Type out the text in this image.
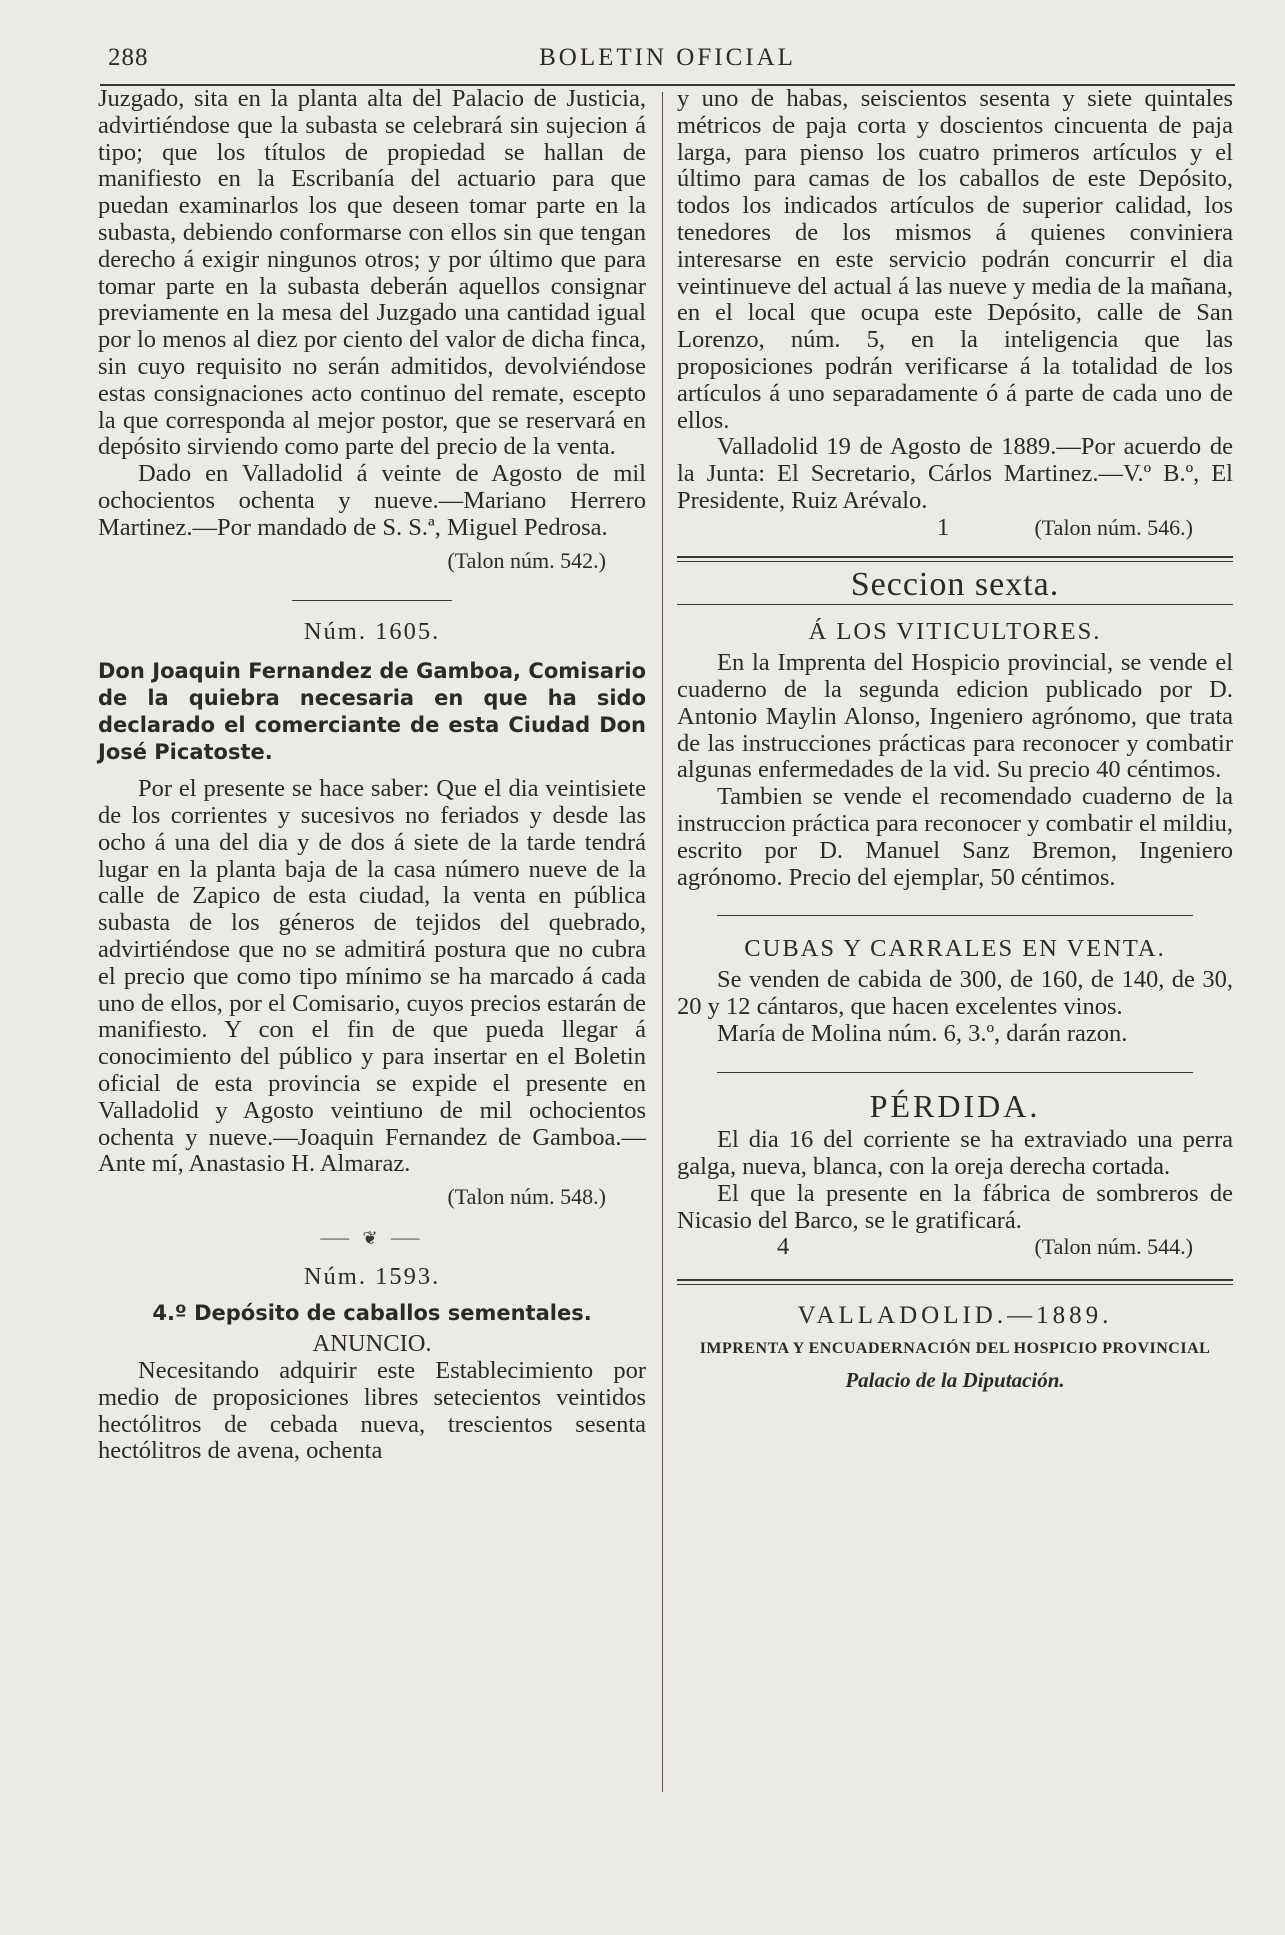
288	BOLETIN OFICIAL

Juzgado, sita en la planta alta del Palacio de Justicia, advirtiéndose que la subasta se celebrará sin sujecion á tipo; que los títulos de propiedad se hallan de manifiesto en la Escribanía del actuario para que puedan examinarlos los que deseen tomar parte en la subasta, debiendo conformarse con ellos sin que tengan derecho á exigir ningunos otros; y por último que para tomar parte en la subasta deberán aquellos consignar previamente en la mesa del Juzgado una cantidad igual por lo menos al diez por ciento del valor de dicha finca, sin cuyo requisito no serán admitidos, devolviéndose estas consignaciones acto continuo del remate, escepto la que corresponda al mejor postor, que se reservará en depósito sirviendo como parte del precio de la venta.

Dado en Valladolid á veinte de Agosto de mil ochocientos ochenta y nueve.—Mariano Herrero Martinez.—Por mandado de S. S.ª, Miguel Pedrosa.

(Talon núm. 542.)
Núm. 1605.
Don Joaquin Fernandez de Gamboa, Comisario de la quiebra necesaria en que ha sido declarado el comerciante de esta Ciudad Don José Picatoste.

Por el presente se hace saber: Que el dia veintisiete de los corrientes y sucesivos no feriados y desde las ocho á una del dia y de dos á siete de la tarde tendrá lugar en la planta baja de la casa número nueve de la calle de Zapico de esta ciudad, la venta en pública subasta de los géneros de tejidos del quebrado, advirtiéndose que no se admitirá postura que no cubra el precio que como tipo mínimo se ha marcado á cada uno de ellos, por el Comisario, cuyos precios estarán de manifiesto. Y con el fin de que pueda llegar á conocimiento del público y para insertar en el Boletin oficial de esta provincia se expide el presente en Valladolid y Agosto veintiuno de mil ochocientos ochenta y nueve.—Joaquin Fernandez de Gamboa.—Ante mí, Anastasio H. Almaraz.

(Talon núm. 548.)
⸺ ❦ ⸺
Núm. 1593.
4.º Depósito de caballos sementales.
ANUNCIO.

Necesitando adquirir este Establecimiento por medio de proposiciones libres setecientos veintidos hectólitros de cebada nueva, trescientos sesenta hectólitros de avena, ochenta

y uno de habas, seiscientos sesenta y siete quintales métricos de paja corta y doscientos cincuenta de paja larga, para pienso los cuatro primeros artículos y el último para camas de los caballos de este Depósito, todos los indicados artículos de superior calidad, los tenedores de los mismos á quienes conviniera interesarse en este servicio podrán concurrir el dia veintinueve del actual á las nueve y media de la mañana, en el local que ocupa este Depósito, calle de San Lorenzo, núm. 5, en la inteligencia que las proposiciones podrán verificarse á la totalidad de los artículos á uno separadamente ó á parte de cada uno de ellos.

Valladolid 19 de Agosto de 1889.—Por acuerdo de la Junta: El Secretario, Cárlos Martinez.—V.º B.º, El Presidente, Ruiz Arévalo.

1	(Talon núm. 546.)
Seccion sexta.
Á LOS VITICULTORES.

En la Imprenta del Hospicio provincial, se vende el cuaderno de la segunda edicion publicado por D. Antonio Maylin Alonso, Ingeniero agrónomo, que trata de las instrucciones prácticas para reconocer y combatir algunas enfermedades de la vid. Su precio 40 céntimos.

Tambien se vende el recomendado cuaderno de la instruccion práctica para reconocer y combatir el mildiu, escrito por D. Manuel Sanz Bremon, Ingeniero agrónomo. Precio del ejemplar, 50 céntimos.

CUBAS Y CARRALES EN VENTA.

Se venden de cabida de 300, de 160, de 140, de 30, 20 y 12 cántaros, que hacen excelentes vinos.

María de Molina núm. 6, 3.º, darán razon.

PÉRDIDA.

El dia 16 del corriente se ha extraviado una perra galga, nueva, blanca, con la oreja derecha cortada.

El que la presente en la fábrica de sombreros de Nicasio del Barco, se le gratificará.

4	(Talon núm. 544.)
VALLADOLID.—1889.
IMPRENTA Y ENCUADERNACIÓN DEL HOSPICIO PROVINCIAL
Palacio de la Diputación.
